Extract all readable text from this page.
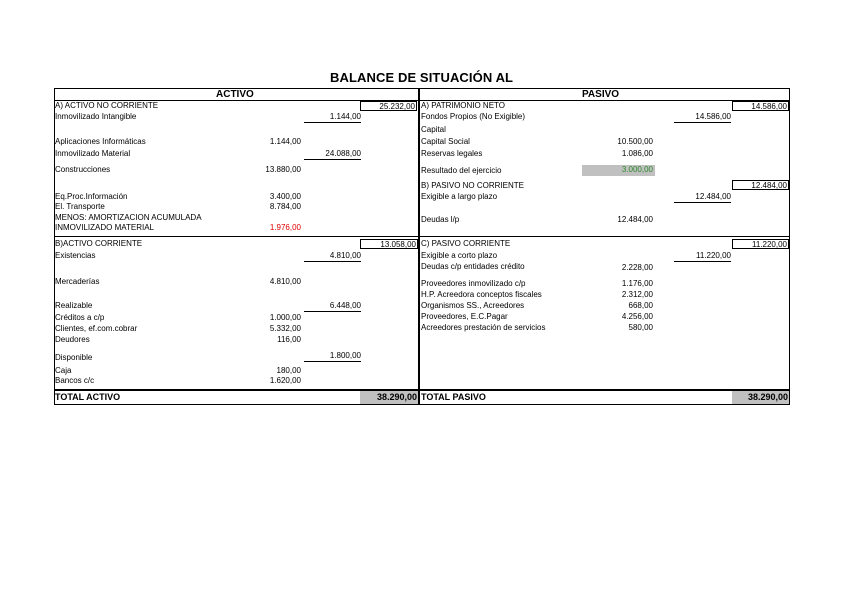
BALANCE DE SITUACIÓN AL
ACTIVO	PASIVO
A) ACTIVO NO CORRIENTE	25.232,00
Inmovilizado Intangible	1.144,00
Aplicaciones Informáticas	1.144,00
Inmovilizado Material	24.088,00
Construcciones	13.880,00
Eq.Proc.Información	3.400,00
El. Transporte	8.784,00
MENOS: AMORTIZACION ACUMULADA
INMOVILIZADO MATERIAL	1.976,00
B)ACTIVO CORRIENTE	13.058,00
Existencias	4.810,00
Mercaderías	4.810,00
Realizable	6.448,00
Créditos a c/p	1.000,00
Clientes, ef.com.cobrar	5.332,00
Deudores	116,00
Disponible	1.800,00
Caja	180,00
Bancos c/c	1.620,00
TOTAL ACTIVO	38.290,00
A) PATRIMONIO NETO	14.586,00
Fondos Propios (No Exigible)	14.586,00
Capital
Capital Social	10.500,00
Reservas legales	1.086,00
Resultado del ejercicio	3.000,00
B) PASIVO NO CORRIENTE	12.484,00
Exigible a largo plazo	12.484,00
Deudas l/p	12.484,00
C) PASIVO CORRIENTE	11.220,00
Exigible a corto plazo	11.220,00
Deudas c/p entidades crédito	2.228,00
Proveedores inmovilizado c/p	1.176,00
H.P. Acreedora conceptos fiscales	2.312,00
Organismos SS., Acreedores	668,00
Proveedores, E.C.Pagar	4.256,00
Acreedores prestación de servicios	580,00
TOTAL PASIVO	38.290,00
